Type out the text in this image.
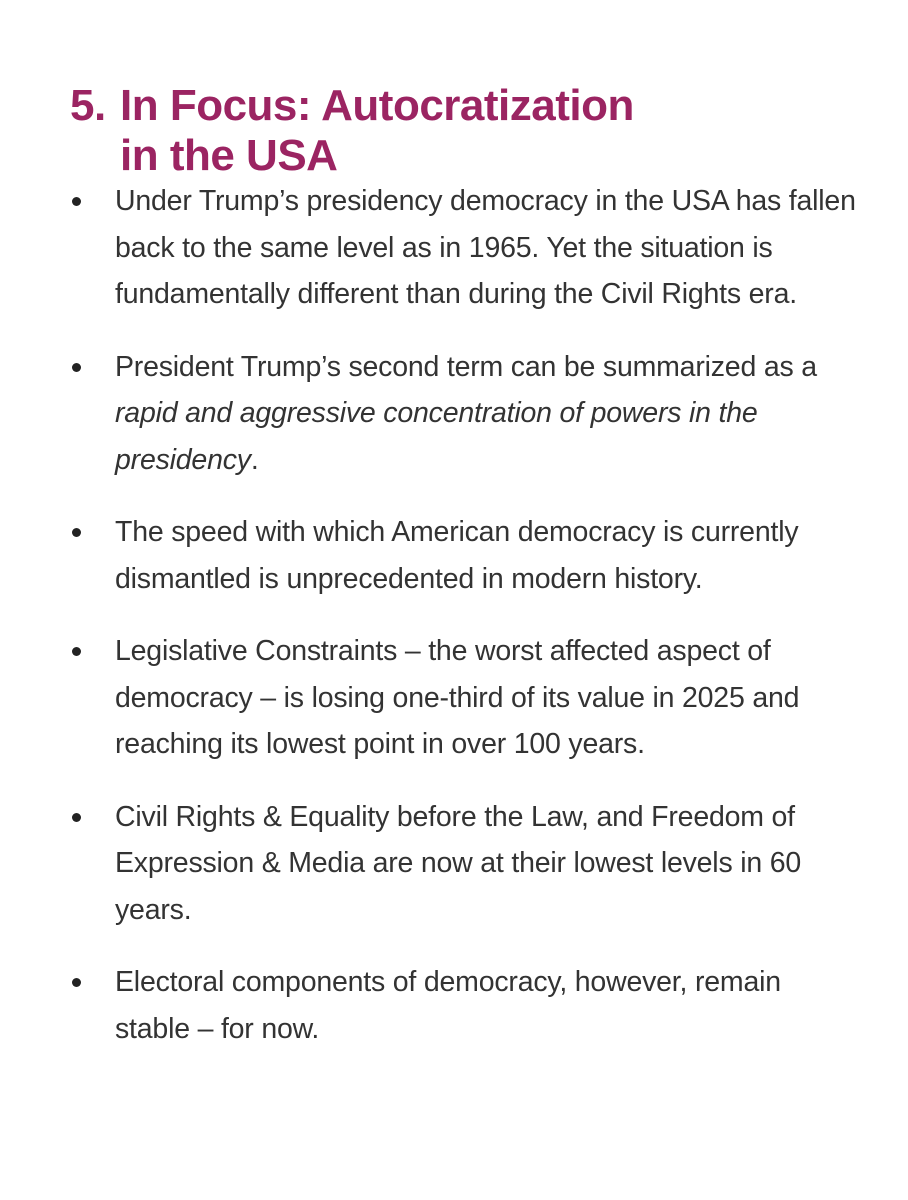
5. In Focus: Autocratization
in the USA
Under Trump’s presidency democracy in the USA has fallen back to the same level as in 1965. Yet the situation is fundamentally different than during the Civil Rights era.
President Trump’s second term can be summarized as a rapid and aggressive concentration of powers in the presidency.
The speed with which American democracy is currently dismantled is unprecedented in modern history.
Legislative Constraints – the worst affected aspect of democracy – is losing one-third of its value in 2025 and reaching its lowest point in over 100 years.
Civil Rights & Equality before the Law, and Freedom of Expression & Media are now at their lowest levels in 60 years.
Electoral components of democracy, however, remain stable – for now.
